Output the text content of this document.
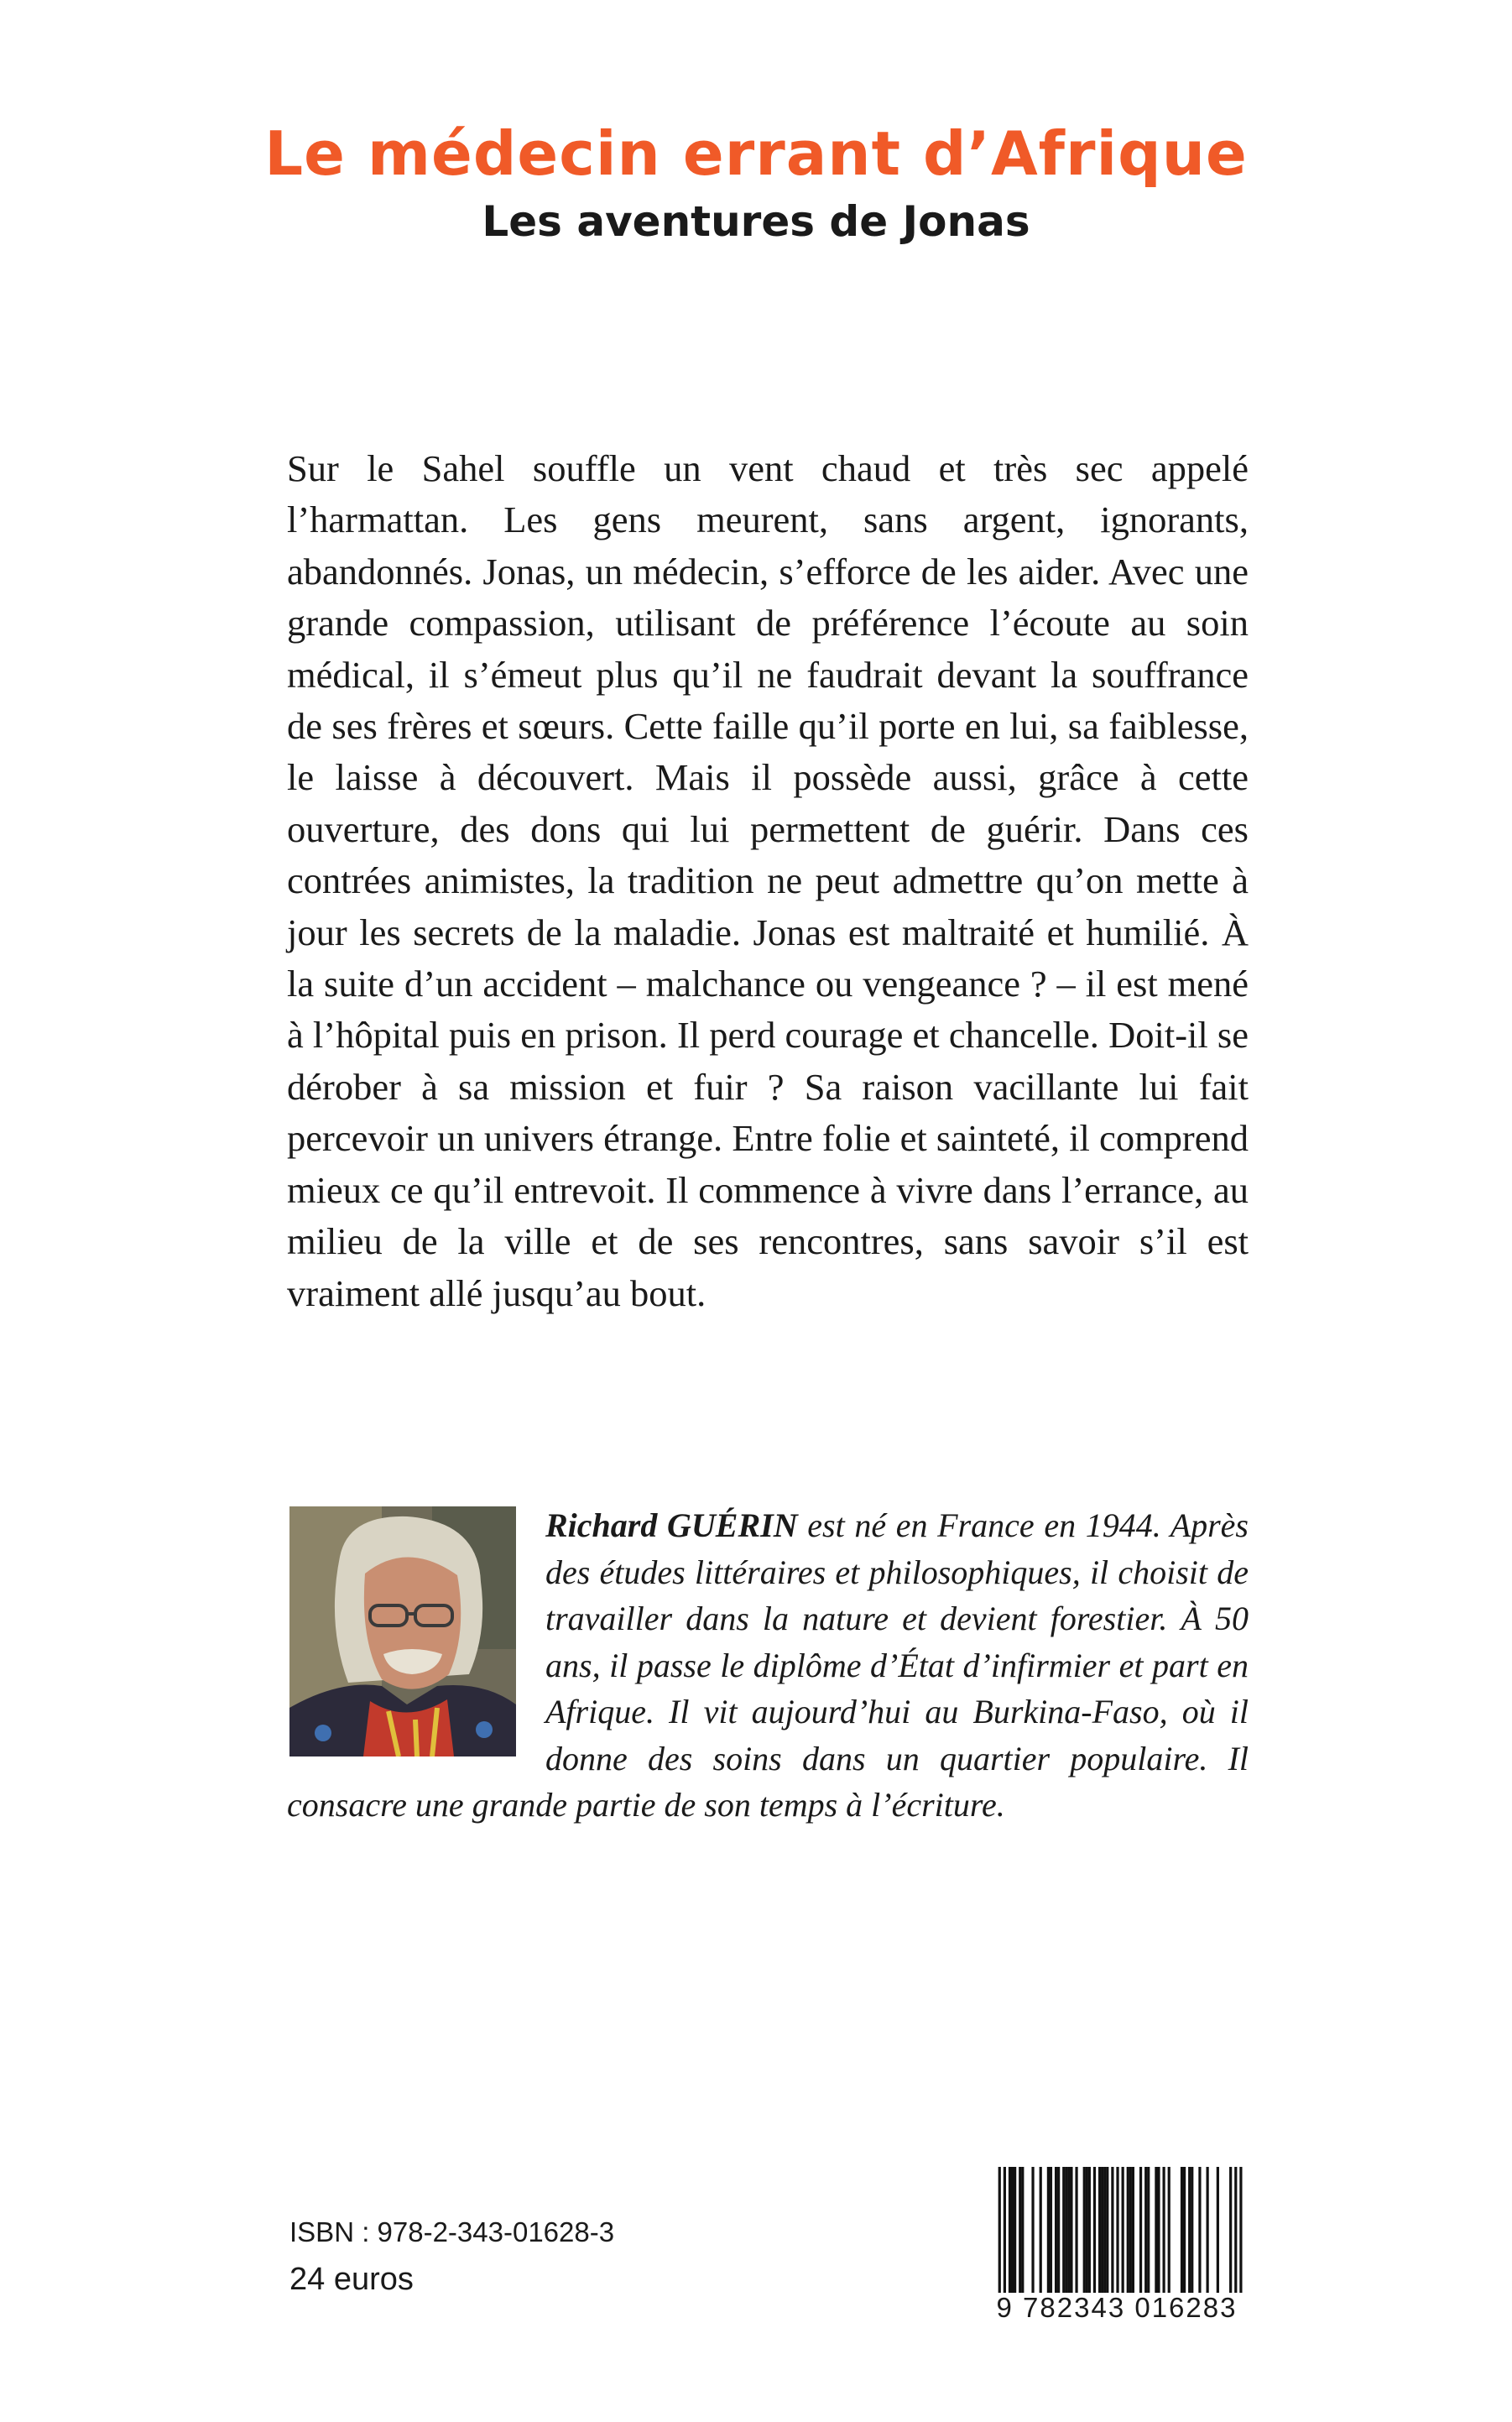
Le médecin errant d’Afrique
Les aventures de Jonas

Sur le Sahel souffle un vent chaud et très sec appelé l’harmattan. Les gens meurent, sans argent, ignorants, abandonnés. Jonas, un médecin, s’efforce de les aider. Avec une grande compassion, utilisant de préférence l’écoute au soin médical, il s’émeut plus qu’il ne faudrait devant la souffrance de ses frères et sœurs. Cette faille qu’il porte en lui, sa faiblesse, le laisse à découvert. Mais il possède aussi, grâce à cette ouverture, des dons qui lui permettent de guérir. Dans ces contrées animistes, la tradition ne peut admettre qu’on mette à jour les secrets de la maladie. Jonas est maltraité et humilié. À la suite d’un accident – malchance ou vengeance ? – il est mené à l’hôpital puis en prison. Il perd courage et chancelle. Doit-il se dérober à sa mission et fuir ? Sa raison vacillante lui fait percevoir un univers étrange. Entre folie et sainteté, il comprend mieux ce qu’il entrevoit. Il commence à vivre dans l’errance, au milieu de la ville et de ses rencontres, sans savoir s’il est vraiment allé jusqu’au bout.

Richard GUÉRIN est né en France en 1944. Après des études littéraires et philosophiques, il choisit de travailler dans la nature et devient forestier. À 50 ans, il passe le diplôme d’État d’infirmier et part en Afrique. Il vit aujourd’hui au Burkina-Faso, où il donne des soins dans un quartier populaire. Il consacre une grande partie de son temps à l’écriture.

ISBN : 978-2-343-01628-3

24 euros

9 782343 016283
